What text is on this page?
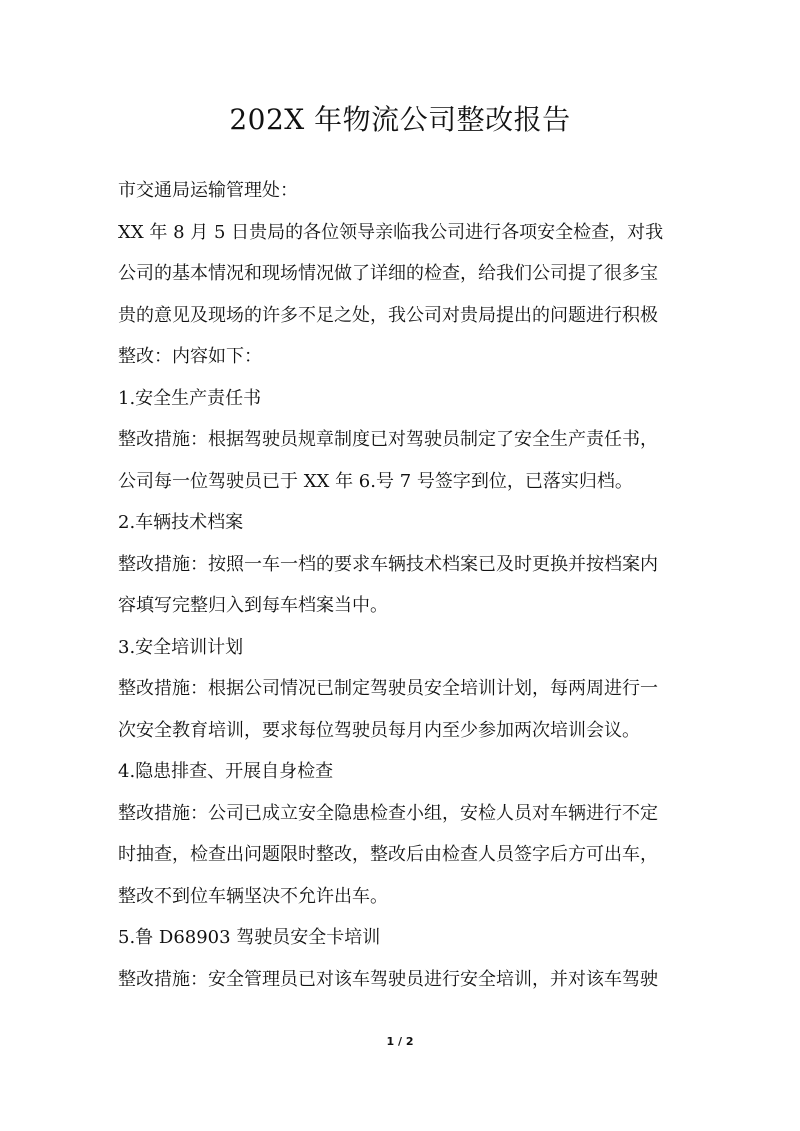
202X 年物流公司整改报告
市交通局运输管理处：
XX 年 8 月 5 日贵局的各位领导亲临我公司进行各项安全检查，对我
公司的基本情况和现场情况做了详细的检查，给我们公司提了很多宝
贵的意见及现场的许多不足之处，我公司对贵局提出的问题进行积极
整改：内容如下：
1.安全生产责任书
整改措施：根据驾驶员规章制度已对驾驶员制定了安全生产责任书，
公司每一位驾驶员已于 XX 年 6.号 7 号签字到位，已落实归档。
2.车辆技术档案
整改措施：按照一车一档的要求车辆技术档案已及时更换并按档案内
容填写完整归入到每车档案当中。
3.安全培训计划
整改措施：根据公司情况已制定驾驶员安全培训计划，每两周进行一
次安全教育培训，要求每位驾驶员每月内至少参加两次培训会议。
4.隐患排查、开展自身检查
整改措施：公司已成立安全隐患检查小组，安检人员对车辆进行不定
时抽查，检查出问题限时整改，整改后由检查人员签字后方可出车，
整改不到位车辆坚决不允许出车。
5.鲁 D68903 驾驶员安全卡培训
整改措施：安全管理员已对该车驾驶员进行安全培训，并对该车驾驶
1 / 2
